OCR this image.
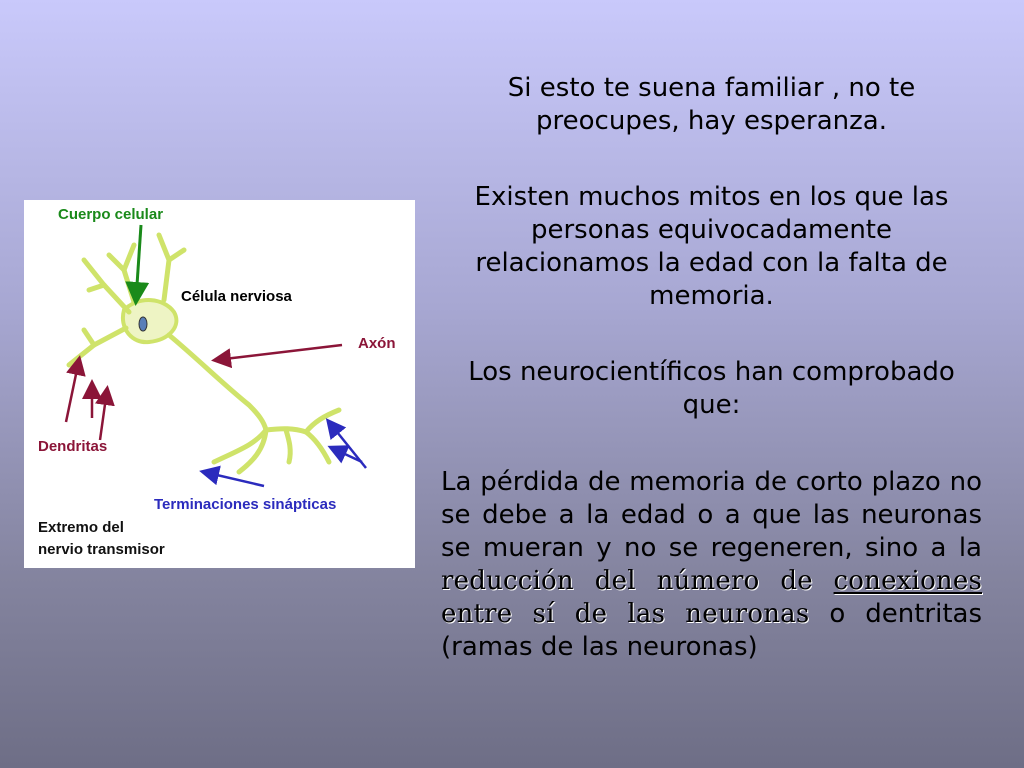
Cuerpo celular
Célula nerviosa
Axón
Dendritas
Terminaciones sinápticas
Extremo del
nervio transmisor

Si esto te suena familiar , no te preocupes, hay esperanza.

Existen muchos mitos en los que las personas equivocadamente relacionamos la edad con la falta de memoria.

Los neurocientíficos han comprobado que:

La pérdida de memoria de corto plazo no se debe a la edad o a que las neuronas se mueran y no se regeneren, sino a la reducción del número de conexiones entre sí de las neuronas o dentritas (ramas de las neuronas)
